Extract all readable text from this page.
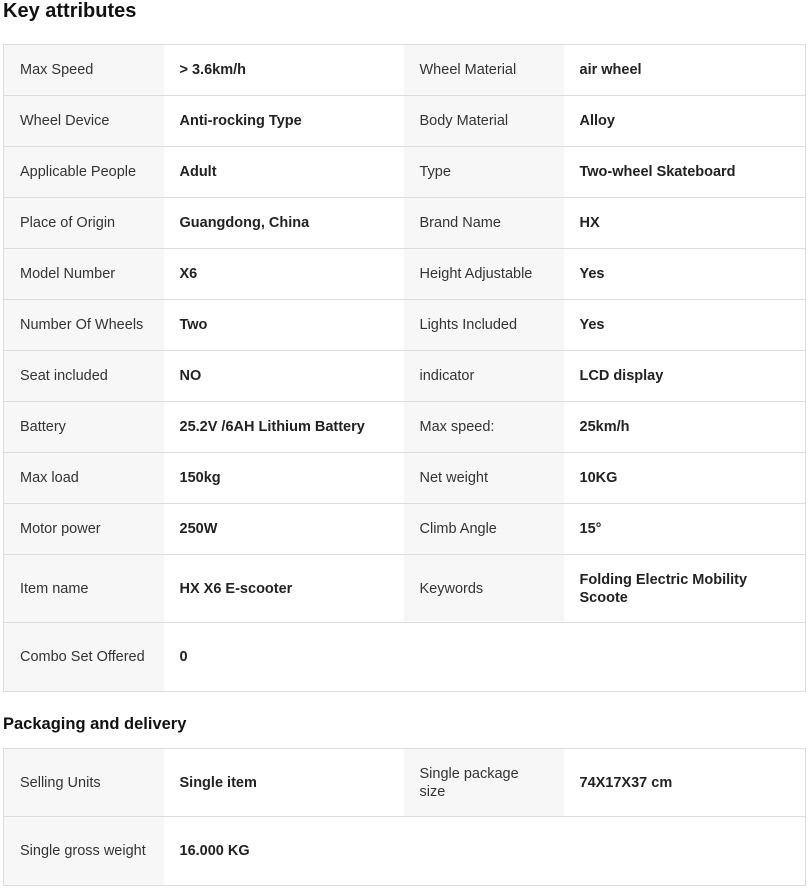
Key attributes
Max Speed	> 3.6km/h	Wheel Material	air wheel
Wheel Device	Anti-rocking Type	Body Material	Alloy
Applicable People	Adult	Type	Two-wheel Skateboard
Place of Origin	Guangdong, China	Brand Name	HX
Model Number	X6	Height Adjustable	Yes
Number Of Wheels	Two	Lights Included	Yes
Seat included	NO	indicator	LCD display
Battery	25.2V /6AH Lithium Battery	Max speed:	25km/h
Max load	150kg	Net weight	10KG
Motor power	250W	Climb Angle	15°
Item name	HX X6 E-scooter	Keywords	Folding Electric Mobility Scoote
Combo Set Offered	0		
Packaging and delivery
Selling Units	Single item	Single package size	74X17X37 cm
Single gross weight	16.000 KG		
